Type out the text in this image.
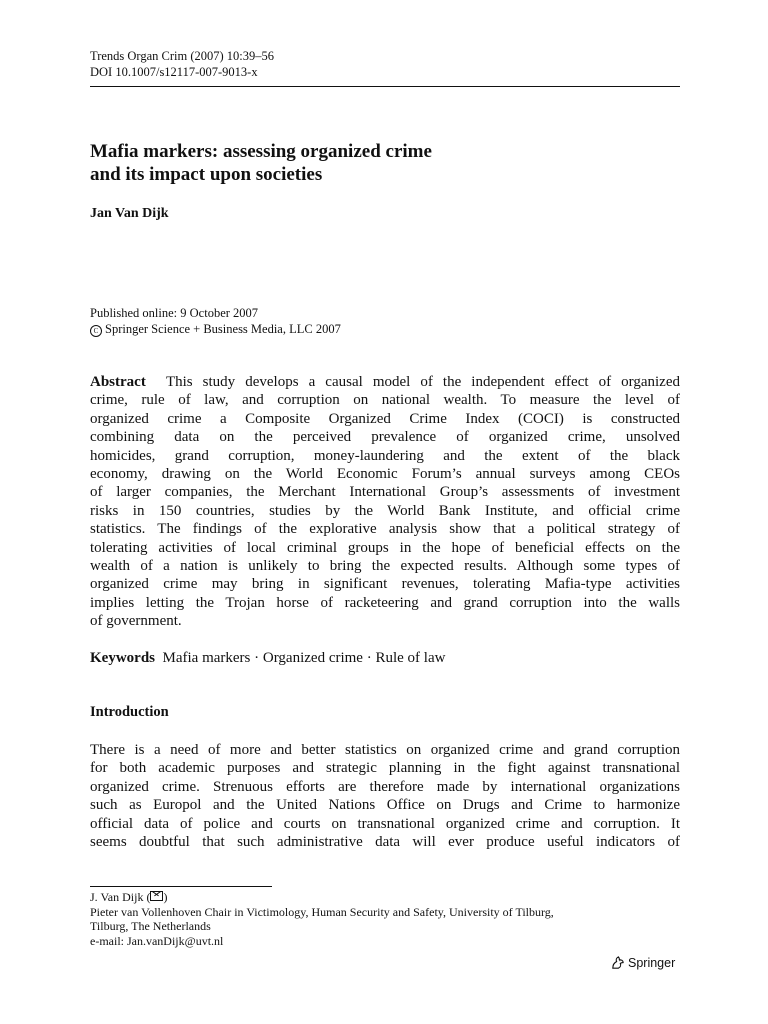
Trends Organ Crim (2007) 10:39–56
DOI 10.1007/s12117-007-9013-x
Mafia markers: assessing organized crime
and its impact upon societies
Jan Van Dijk
Published online: 9 October 2007
C Springer Science + Business Media, LLC 2007
Abstract This study develops a causal model of the independent effect of organized
crime, rule of law, and corruption on national wealth. To measure the level of
organized crime a Composite Organized Crime Index (COCI) is constructed
combining data on the perceived prevalence of organized crime, unsolved
homicides, grand corruption, money-laundering and the extent of the black
economy, drawing on the World Economic Forum’s annual surveys among CEOs
of larger companies, the Merchant International Group’s assessments of investment
risks in 150 countries, studies by the World Bank Institute, and official crime
statistics. The findings of the explorative analysis show that a political strategy of
tolerating activities of local criminal groups in the hope of beneficial effects on the
wealth of a nation is unlikely to bring the expected results. Although some types of
organized crime may bring in significant revenues, tolerating Mafia-type activities
implies letting the Trojan horse of racketeering and grand corruption into the walls
of government.
Keywords Mafia markers · Organized crime · Rule of law
Introduction
There is a need of more and better statistics on organized crime and grand corruption
for both academic purposes and strategic planning in the fight against transnational
organized crime. Strenuous efforts are therefore made by international organizations
such as Europol and the United Nations Office on Drugs and Crime to harmonize
official data of police and courts on transnational organized crime and corruption. It
seems doubtful that such administrative data will ever produce useful indicators of
J. Van Dijk ( )
Pieter van Vollenhoven Chair in Victimology, Human Security and Safety, University of Tilburg,
Tilburg, The Netherlands
e-mail: Jan.vanDijk@uvt.nl
Springer
